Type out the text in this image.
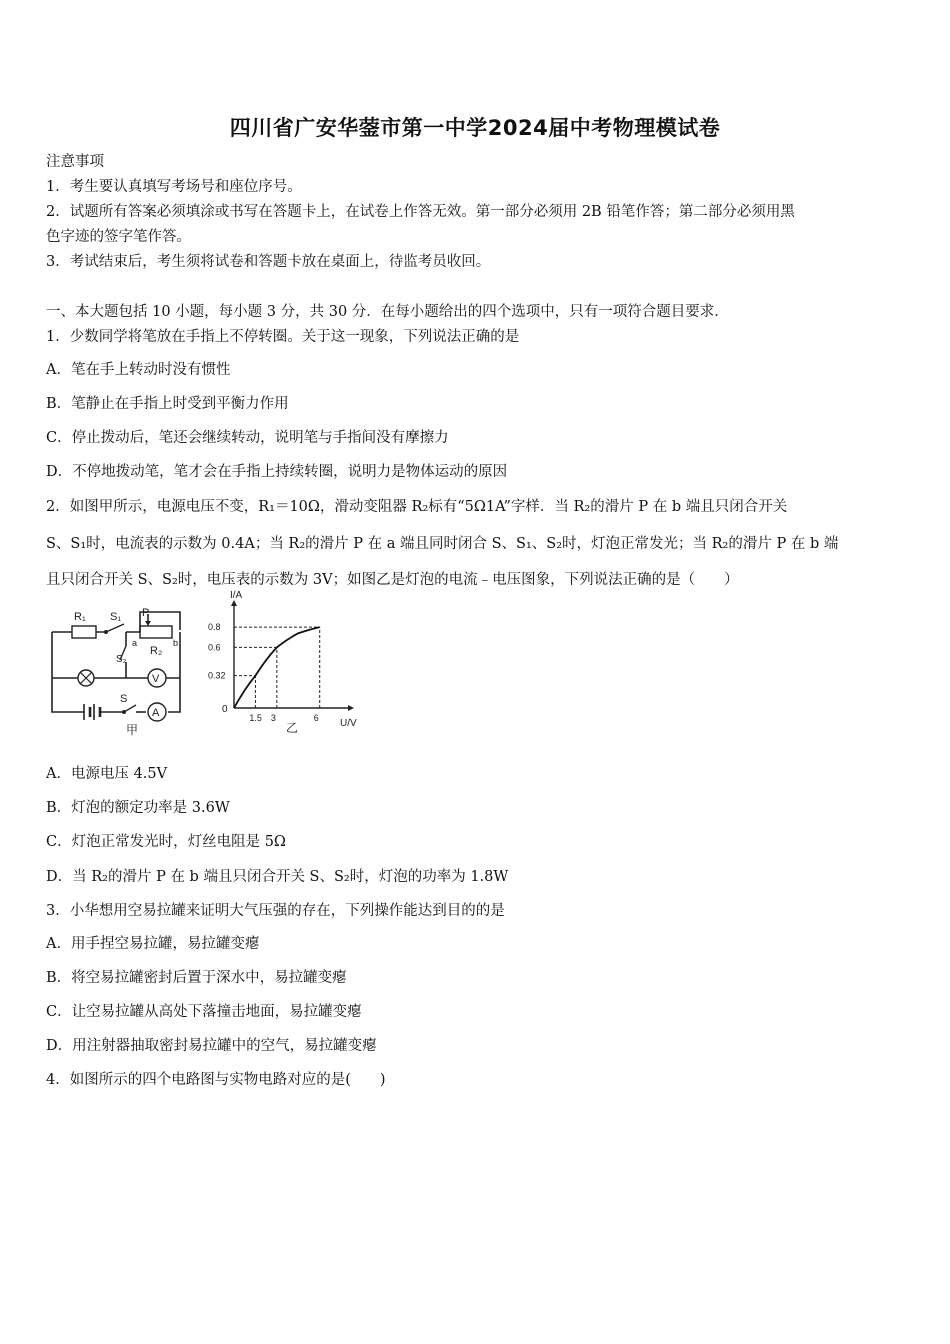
四川省广安华蓥市第一中学2024届中考物理模试卷
注意事项
1．考生要认真填写考场号和座位序号。
2．试题所有答案必须填涂或书写在答题卡上，在试卷上作答无效。第一部分必须用 2B 铅笔作答；第二部分必须用黑
色字迹的签字笔作答。
3．考试结束后，考生须将试卷和答题卡放在桌面上，待监考员收回。
一、本大题包括 10 小题，每小题 3 分，共 30 分．在每小题给出的四个选项中，只有一项符合题目要求．
1．少数同学将笔放在手指上不停转圈。关于这一现象，下列说法正确的是
A．笔在手上转动时没有惯性
B．笔静止在手指上时受到平衡力作用
C．停止拨动后，笔还会继续转动，说明笔与手指间没有摩擦力
D．不停地拨动笔，笔才会在手指上持续转圈，说明力是物体运动的原因
2．如图甲所示，电源电压不变，R₁＝10Ω，滑动变阻器 R₂标有“5Ω1A”字样．当 R₂的滑片 P 在 b 端且只闭合开关
S、S₁时，电流表的示数为 0.4A；当 R₂的滑片 P 在 a 端且同时闭合 S、S₁、S₂时，灯泡正常发光；当 R₂的滑片 P 在 b 端
且只闭合开关 S、S₂时，电压表的示数为 3V；如图乙是灯泡的电流﹣电压图象，下列说法正确的是（　　）
R₁ S₁ P
a	b
R₂
S₂
V
S
A
甲
I/A
U/V
0
乙
1.5 3	6
0.32
0.6
0.8
A．电源电压 4.5V
B．灯泡的额定功率是 3.6W
C．灯泡正常发光时，灯丝电阻是 5Ω
D．当 R₂的滑片 P 在 b 端且只闭合开关 S、S₂时，灯泡的功率为 1.8W
3．小华想用空易拉罐来证明大气压强的存在，下列操作能达到目的的是
A．用手捏空易拉罐，易拉罐变瘪
B．将空易拉罐密封后置于深水中，易拉罐变瘪
C．让空易拉罐从高处下落撞击地面，易拉罐变瘪
D．用注射器抽取密封易拉罐中的空气，易拉罐变瘪
4．如图所示的四个电路图与实物电路对应的是(　　)
